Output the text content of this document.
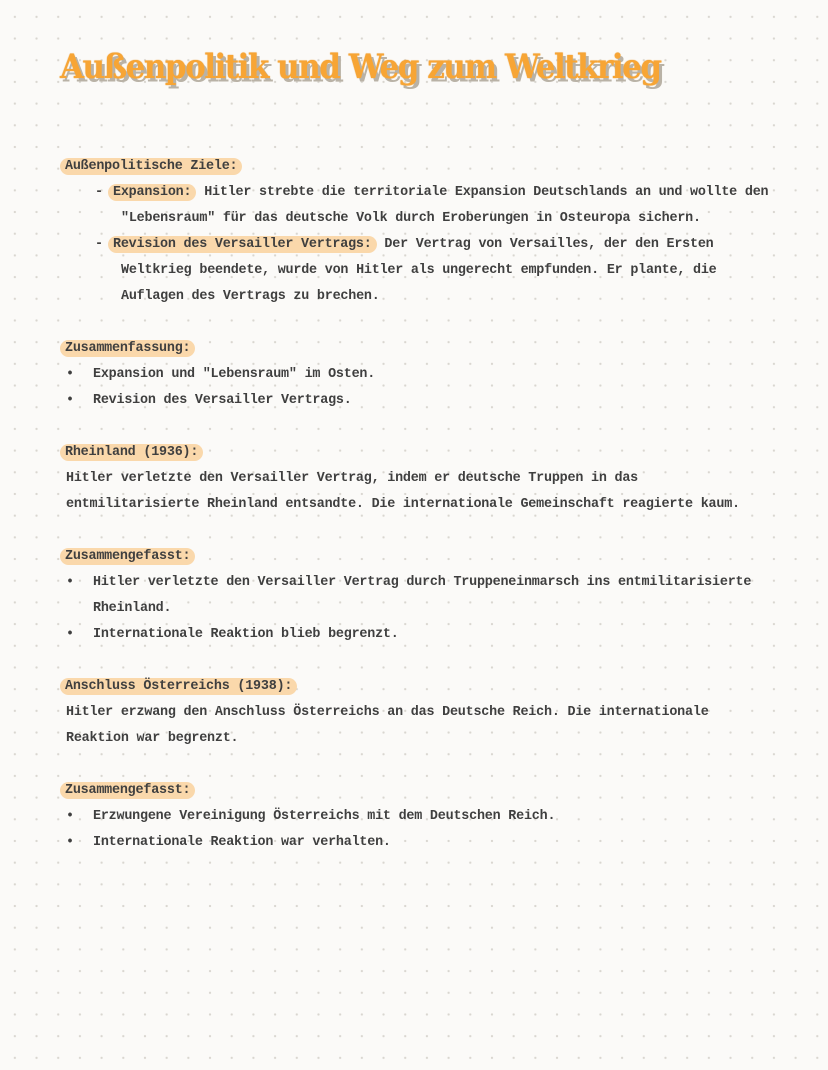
Außenpolitik und Weg zum Weltkrieg

Außenpolitische Ziele:

- Expansion: Hitler strebte die territoriale Expansion Deutschlands an und wollte den "Lebensraum" für das deutsche Volk durch Eroberungen in Osteuropa sichern.

- Revision des Versailler Vertrags: Der Vertrag von Versailles, der den Ersten Weltkrieg beendete, wurde von Hitler als ungerecht empfunden. Er plante, die Auflagen des Vertrags zu brechen.

Zusammenfassung:

• Expansion und "Lebensraum" im Osten.
• Revision des Versailler Vertrags.

Rheinland (1936):

Hitler verletzte den Versailler Vertrag, indem er deutsche Truppen in das entmilitarisierte Rheinland entsandte. Die internationale Gemeinschaft reagierte kaum.

Zusammengefasst:

• Hitler verletzte den Versailler Vertrag durch Truppeneinmarsch ins entmilitarisierte Rheinland.
• Internationale Reaktion blieb begrenzt.

Anschluss Österreichs (1938):

Hitler erzwang den Anschluss Österreichs an das Deutsche Reich. Die internationale Reaktion war begrenzt.

Zusammengefasst:

• Erzwungene Vereinigung Österreichs mit dem Deutschen Reich.
• Internationale Reaktion war verhalten.
